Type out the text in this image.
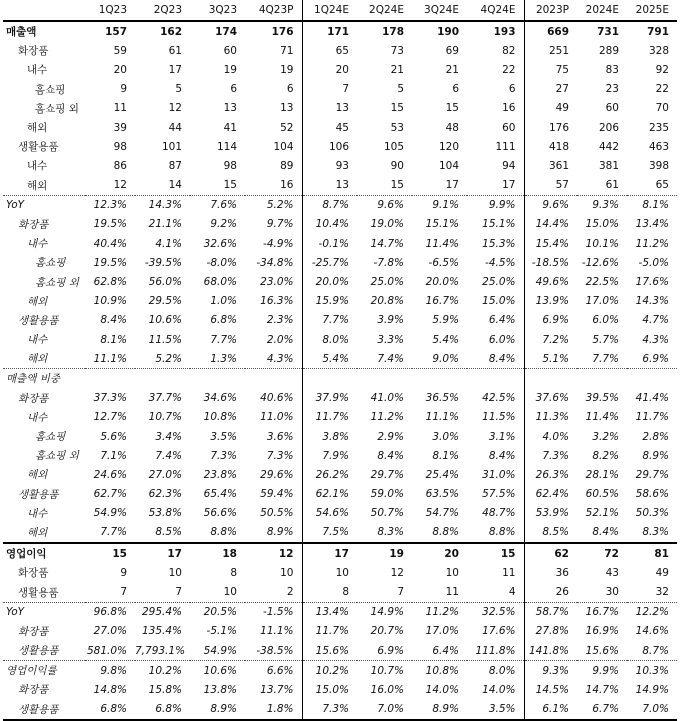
	1Q23	2Q23	3Q23	4Q23P	1Q24E	2Q24E	3Q24E	4Q24E	2023P	2024E	2025E
매출액	157	162	174	176	171	178	190	193	669	731	791
화장품	59	61	60	71	65	73	69	82	251	289	328
내수	20	17	19	19	20	21	21	22	75	83	92
홈쇼핑	9	5	6	6	7	5	6	6	27	23	22
홈쇼핑 외	11	12	13	13	13	15	15	16	49	60	70
해외	39	44	41	52	45	53	48	60	176	206	235
생활용품	98	101	114	104	106	105	120	111	418	442	463
내수	86	87	98	89	93	90	104	94	361	381	398
해외	12	14	15	16	13	15	17	17	57	61	65
YoY	12.3%	14.3%	7.6%	5.2%	8.7%	9.6%	9.1%	9.9%	9.6%	9.3%	8.1%
화장품	19.5%	21.1%	9.2%	9.7%	10.4%	19.0%	15.1%	15.1%	14.4%	15.0%	13.4%
내수	40.4%	4.1%	32.6%	-4.9%	-0.1%	14.7%	11.4%	15.3%	15.4%	10.1%	11.2%
홈쇼핑	19.5%	-39.5%	-8.0%	-34.8%	-25.7%	-7.8%	-6.5%	-4.5%	-18.5%	-12.6%	-5.0%
홈쇼핑 외	62.8%	56.0%	68.0%	23.0%	20.0%	25.0%	20.0%	25.0%	49.6%	22.5%	17.6%
해외	10.9%	29.5%	1.0%	16.3%	15.9%	20.8%	16.7%	15.0%	13.9%	17.0%	14.3%
생활용품	8.4%	10.6%	6.8%	2.3%	7.7%	3.9%	5.9%	6.4%	6.9%	6.0%	4.7%
내수	8.1%	11.5%	7.7%	2.0%	8.0%	3.3%	5.4%	6.0%	7.2%	5.7%	4.3%
해외	11.1%	5.2%	1.3%	4.3%	5.4%	7.4%	9.0%	8.4%	5.1%	7.7%	6.9%
매출액 비중											
화장품	37.3%	37.7%	34.6%	40.6%	37.9%	41.0%	36.5%	42.5%	37.6%	39.5%	41.4%
내수	12.7%	10.7%	10.8%	11.0%	11.7%	11.2%	11.1%	11.5%	11.3%	11.4%	11.7%
홈쇼핑	5.6%	3.4%	3.5%	3.6%	3.8%	2.9%	3.0%	3.1%	4.0%	3.2%	2.8%
홈쇼핑 외	7.1%	7.4%	7.3%	7.3%	7.9%	8.4%	8.1%	8.4%	7.3%	8.2%	8.9%
해외	24.6%	27.0%	23.8%	29.6%	26.2%	29.7%	25.4%	31.0%	26.3%	28.1%	29.7%
생활용품	62.7%	62.3%	65.4%	59.4%	62.1%	59.0%	63.5%	57.5%	62.4%	60.5%	58.6%
내수	54.9%	53.8%	56.6%	50.5%	54.6%	50.7%	54.7%	48.7%	53.9%	52.1%	50.3%
해외	7.7%	8.5%	8.8%	8.9%	7.5%	8.3%	8.8%	8.8%	8.5%	8.4%	8.3%
영업이익	15	17	18	12	17	19	20	15	62	72	81
화장품	9	10	8	10	10	12	10	11	36	43	49
생활용품	7	7	10	2	8	7	11	4	26	30	32
YoY	96.8%	295.4%	20.5%	-1.5%	13.4%	14.9%	11.2%	32.5%	58.7%	16.7%	12.2%
화장품	27.0%	135.4%	-5.1%	11.1%	11.7%	20.7%	17.0%	17.6%	27.8%	16.9%	14.6%
생활용품	581.0%	7,793.1%	54.9%	-38.5%	15.6%	6.9%	6.4%	111.8%	141.8%	15.6%	8.7%
영업이익률	9.8%	10.2%	10.6%	6.6%	10.2%	10.7%	10.8%	8.0%	9.3%	9.9%	10.3%
화장품	14.8%	15.8%	13.8%	13.7%	15.0%	16.0%	14.0%	14.0%	14.5%	14.7%	14.9%
생활용품	6.8%	6.8%	8.9%	1.8%	7.3%	7.0%	8.9%	3.5%	6.1%	6.7%	7.0%
